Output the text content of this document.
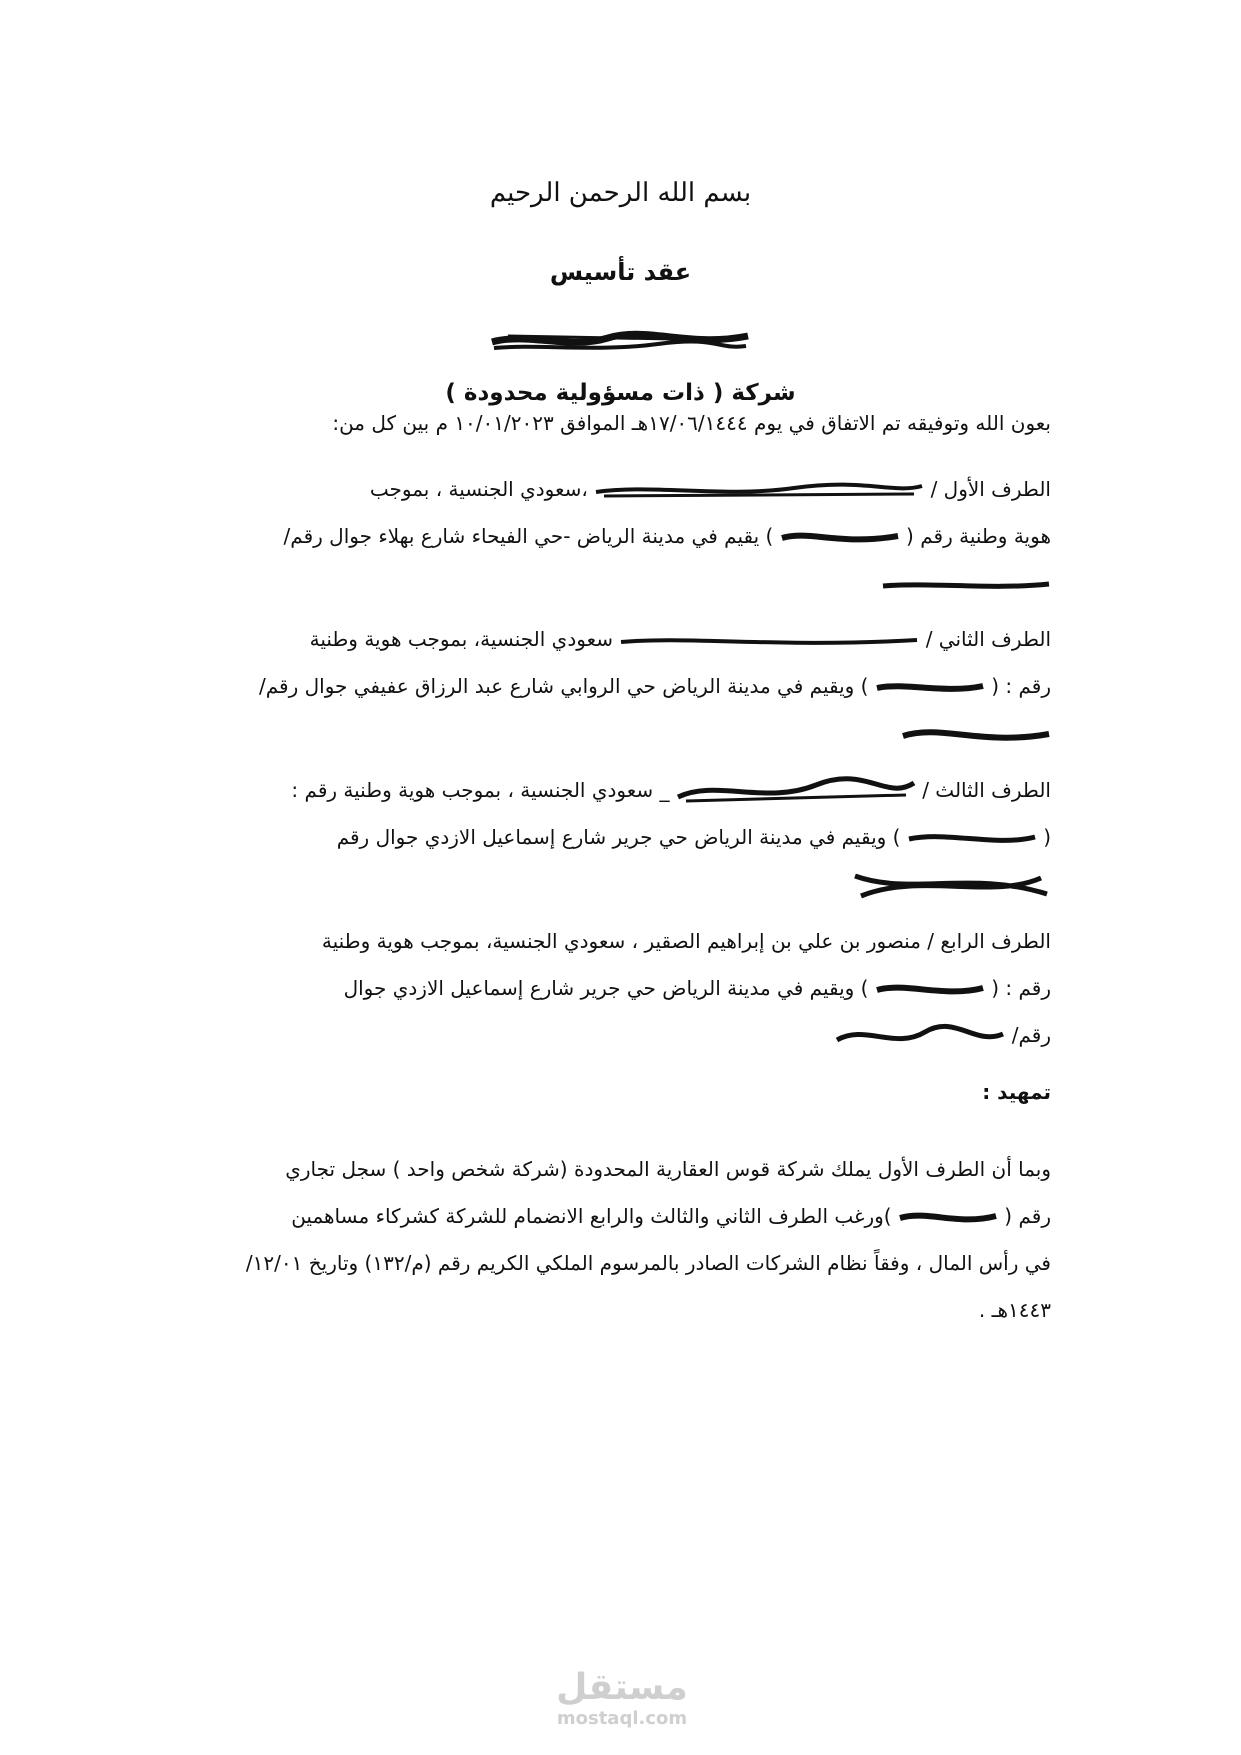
بسم الله الرحمن الرحيم
عقد تأسيس
شركة ( ذات مسؤولية محدودة )
بعون الله وتوفيقه تم الاتفاق في يوم ١٧/٠٦/١٤٤٤هـ الموافق ١٠/٠١/٢٠٢٣ م بين كل من:
الطرف الأول /
،سعودي الجنسية ، بموجب
هوية وطنية رقم (
) يقيم في مدينة الرياض -حي الفيحاء شارع بهلاء جوال رقم/
الطرف الثاني /
سعودي الجنسية، بموجب هوية وطنية
رقم : (
) ويقيم في مدينة الرياض حي الروابي شارع عبد الرزاق عفيفي جوال رقم/
الطرف الثالث /
_ سعودي الجنسية ، بموجب هوية وطنية رقم :
(
) ويقيم في مدينة الرياض حي جرير شارع إسماعيل الازدي جوال رقم
الطرف الرابع / منصور بن علي بن إبراهيم الصقير ، سعودي الجنسية، بموجب هوية وطنية
رقم : (
) ويقيم في مدينة الرياض حي جرير شارع إسماعيل الازدي جوال
رقم/
تمهيد :
وبما أن الطرف الأول يملك شركة قوس العقارية المحدودة (شركة شخص واحد ) سجل تجاري
رقم (
)ورغب الطرف الثاني والثالث والرابع الانضمام للشركة كشركاء مساهمين
في رأس المال ، وفقاً نظام الشركات الصادر بالمرسوم الملكي الكريم رقم (م/١٣٢) وتاريخ ١٢/٠١/
١٤٤٣هـ .
مستقل
mostaql.com
